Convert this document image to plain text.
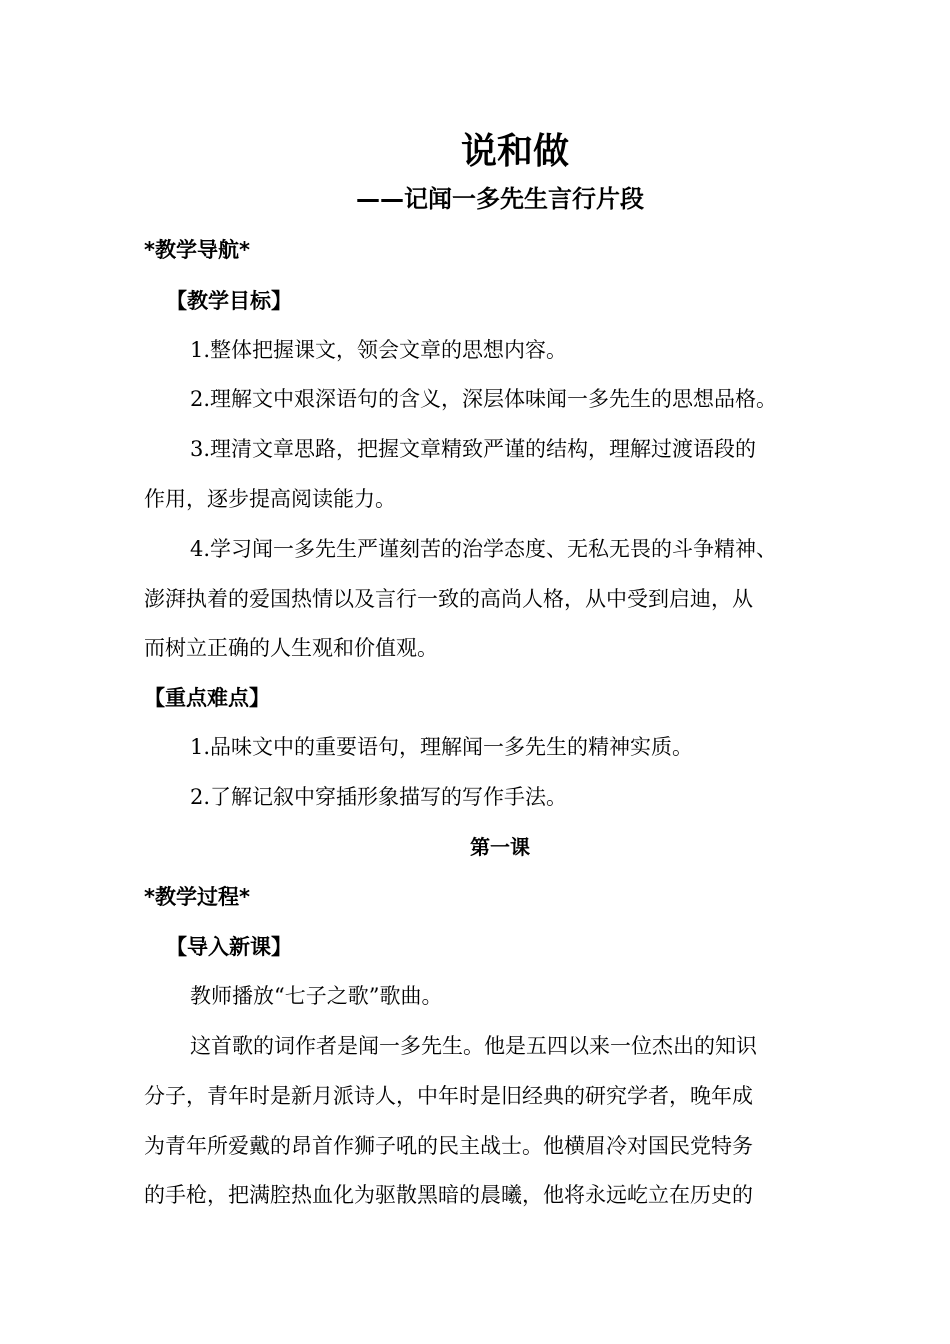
说和做
——记闻一多先生言行片段
*教学导航*
【教学目标】
1.整体把握课文，领会文章的思想内容。
2.理解文中艰深语句的含义，深层体味闻一多先生的思想品格。
3.理清文章思路，把握文章精致严谨的结构，理解过渡语段的
作用，逐步提高阅读能力。
4.学习闻一多先生严谨刻苦的治学态度、无私无畏的斗争精神、
澎湃执着的爱国热情以及言行一致的高尚人格，从中受到启迪，从
而树立正确的人生观和价值观。
【重点难点】
1.品味文中的重要语句，理解闻一多先生的精神实质。
2.了解记叙中穿插形象描写的写作手法。
第一课
*教学过程*
【导入新课】
教师播放“七子之歌”歌曲。
这首歌的词作者是闻一多先生。他是五四以来一位杰出的知识
分子，青年时是新月派诗人，中年时是旧经典的研究学者，晚年成
为青年所爱戴的昂首作狮子吼的民主战士。他横眉冷对国民党特务
的手枪，把满腔热血化为驱散黑暗的晨曦，他将永远屹立在历史的
